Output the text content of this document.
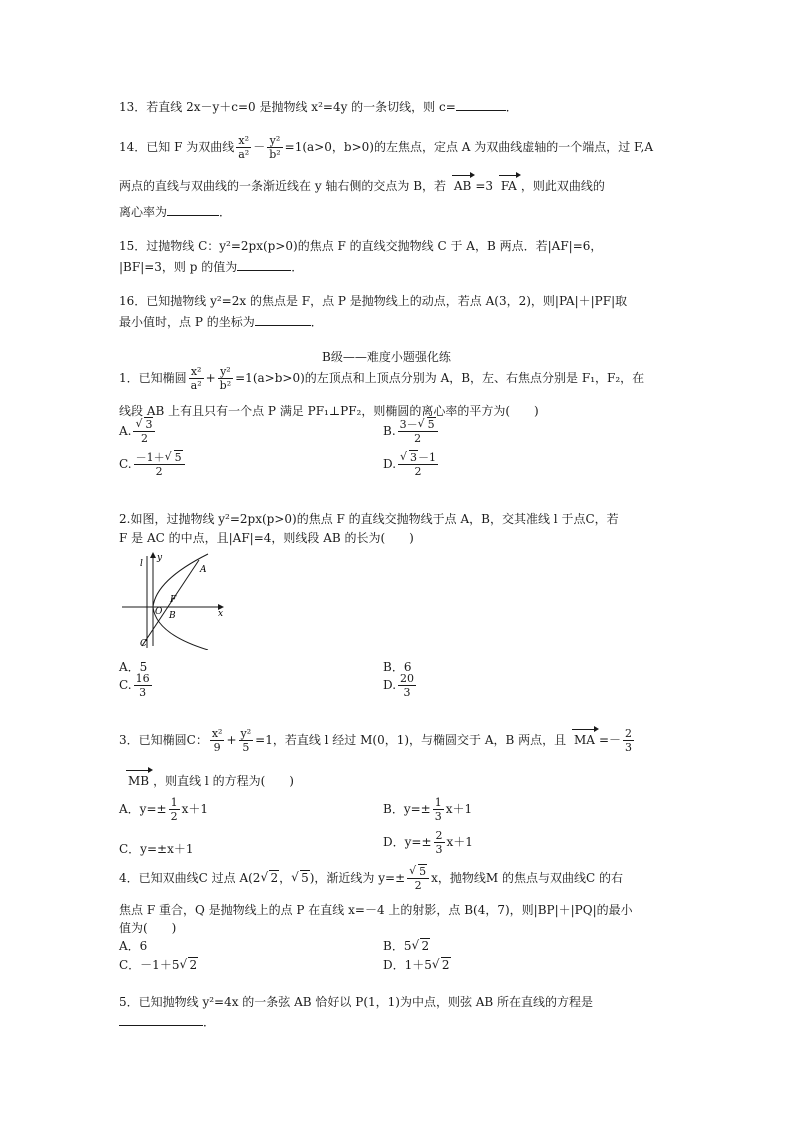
13．若直线 2x－y＋c=0 是抛物线 x²=4y 的一条切线，则 c=	．
14．已知 F 为双曲线 $\frac{\text{x²}}{\text{a²}} - \frac{\text{y²}}{\text{b²}} =1(a>0$，b>0)的左焦点，定点 A 为双曲线虚轴的一个端点，过 F,A
两点的直线与双曲线的一条渐近线在 y 轴右侧的交点为 B，若 AB =3 FA ，则此双曲线的
离心率为	．
15．过抛物线 C：y²=2px(p>0)的焦点 F 的直线交抛物线 C 于 A，B 两点．若|AF|=6，
|BF|=3，则 p 的值为	．
16．已知抛物线 y²=2x 的焦点是 F，点 P 是抛物线上的动点，若点 A(3，2)，则|PA|＋|PF|取
最小值时，点 P 的坐标为	．
B级——难度小题强化练
1．已知椭圆 $\frac{\text{x²}}{\text{a²}} + \frac{\text{y²}}{\text{b²}} =1(a>b>0)$的左顶点和上顶点分别为 A，B，左、右焦点分别是 F₁，F₂，在
线段 AB 上有且只有一个点 P 满足 PF₁⊥PF₂，则椭圆的离心率的平方为(　　)
A. √ $\frac{3}{2}$	B. $\frac{3- √ 5}{2}$
C. $\frac{-1+ √ 5}{2}$	D. √ $\frac{3-1}{2}$
2.如图，过抛物线 y²=2px(p>0)的焦点 F 的直线交抛物线于点 A，B，交其准线 l 于点C，若
F 是 AC 的中点，且|AF|=4，则线段 AB 的长为(　　)
l
y
x
A
F
O B
C
A．5	B．6
C. $\frac{16}{3}$	D. $\frac{20}{3}$
3．已知椭圆C： $\frac{\text{x²}}{9} + \frac{\text{y²}}{5} =1$，若直线 l 经过 M(0，1)，与椭圆交于 A，B 两点，且 MA =－ $\frac{2}{3}$
MB ，则直线 l 的方程为(　　)
A．$y=\pm \frac{1}{2} x+1$	B．$y=\pm \frac{1}{3} x+1$
C．y=±x＋1	D．$y=\pm \frac{2}{3} x+1$
4．已知双曲线C 过点 A(2 √ 2， √ 5)，渐近线为 y=± √ $\frac{5}{2}$ x，抛物线M 的焦点与双曲线C 的右
焦点 F 重合，Q 是抛物线上的点 P 在直线 x=－4 上的射影，点 B(4，7)，则|BP|＋|PQ|的最小
值为(　　)
A．6	B．5 √ 2
C．－1＋5 √ 2	D．1＋5 √ 2
5．已知抛物线 y²=4x 的一条弦 AB 恰好以 P(1，1)为中点，则弦 AB 所在直线的方程是
．
